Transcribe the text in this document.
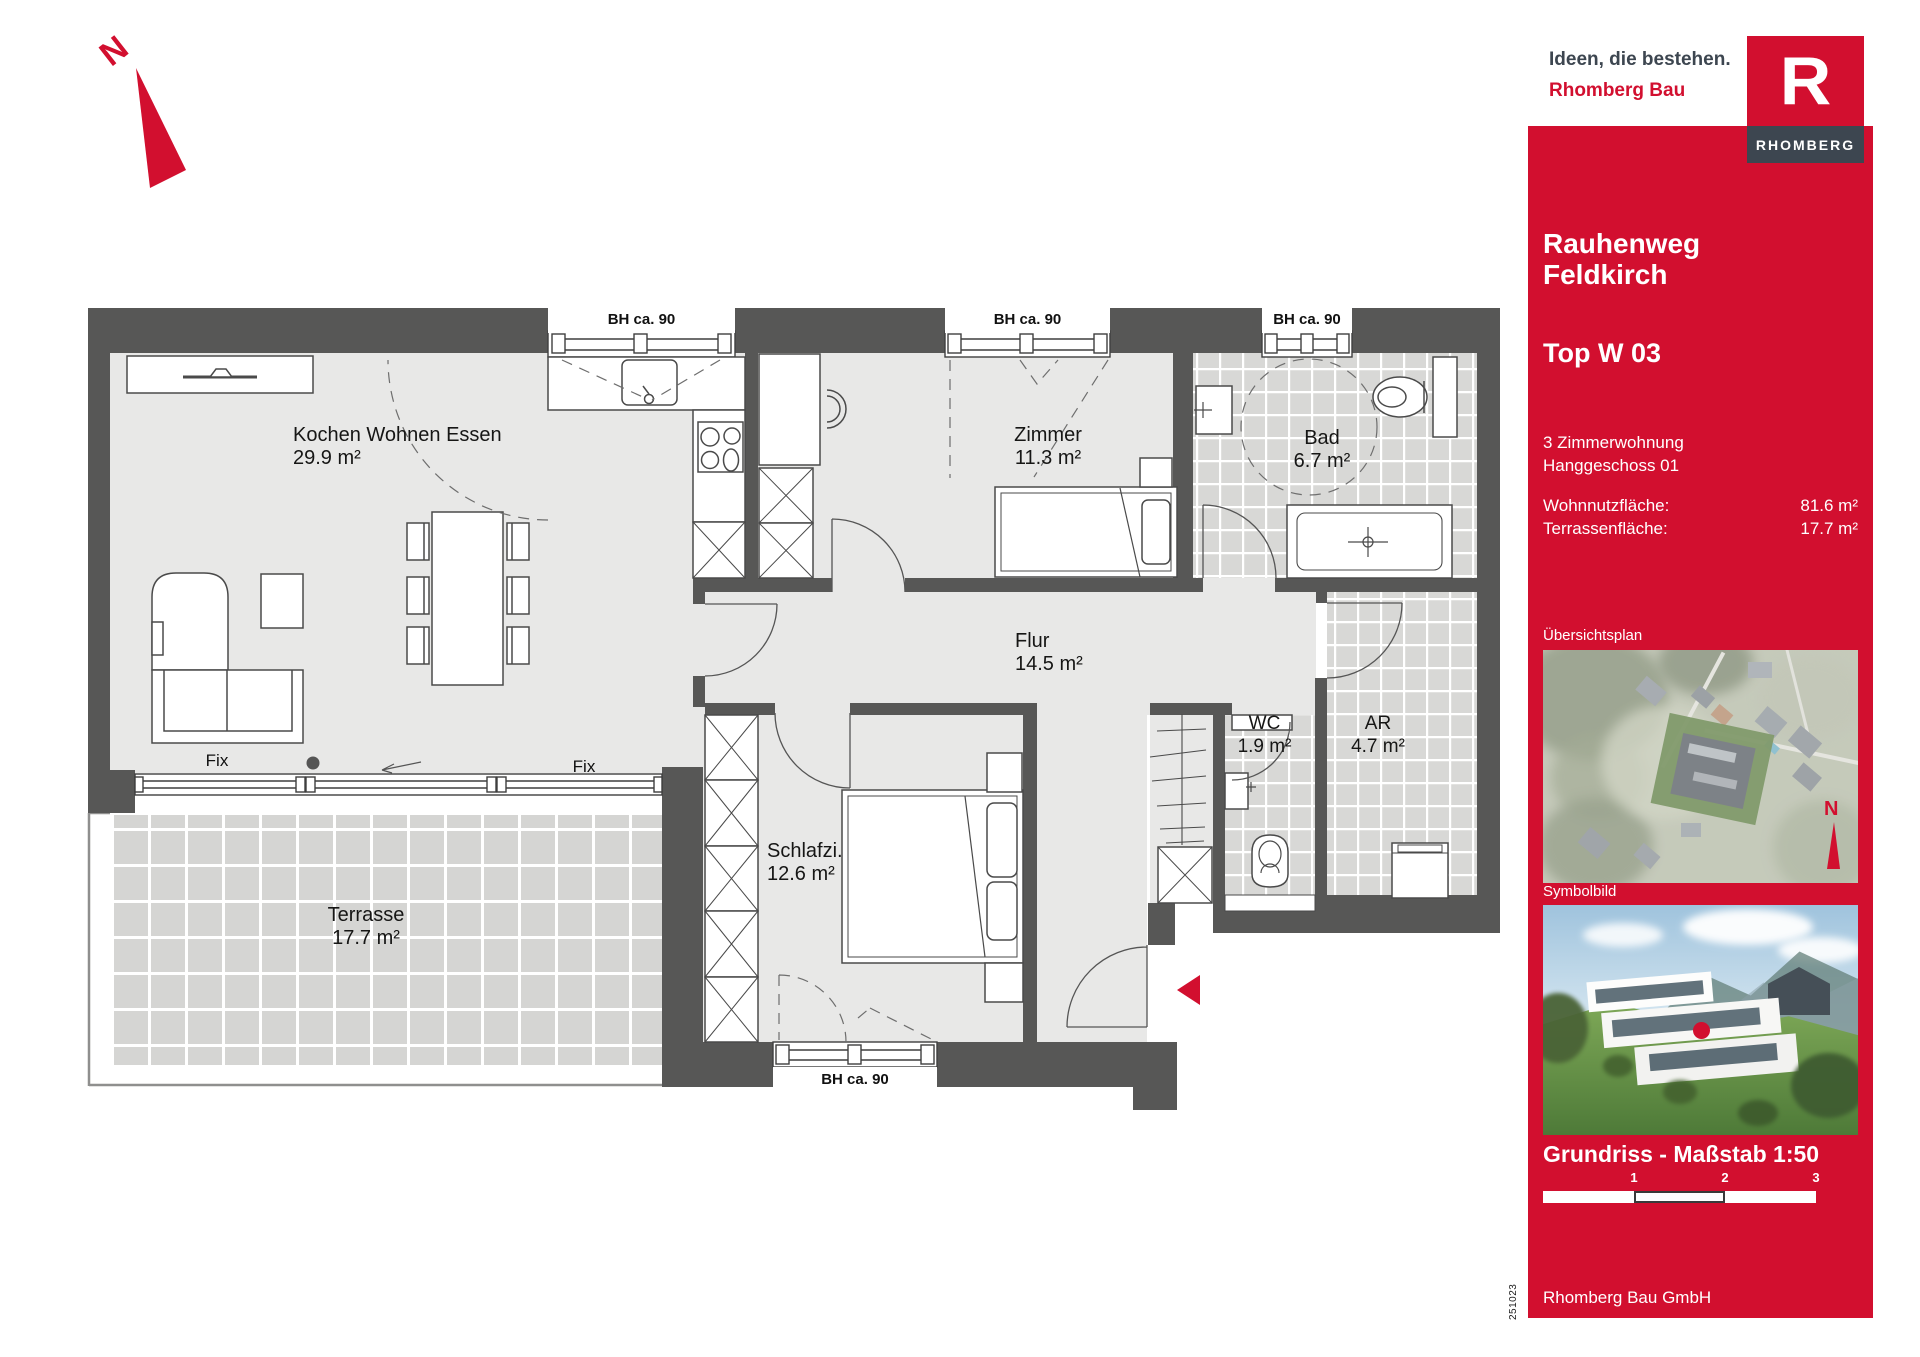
N
Kochen Wohnen Essen
29.9 m²
Zimmer
11.3 m²
Bad
6.7 m²
Flur
14.5 m²
WC
1.9 m²
AR
4.7 m²
Schlafzi.
12.6 m²
Terrasse
17.7 m²
BH ca. 90	BH ca. 90	BH ca. 90
BH ca. 90
Fix	Fix
Ideen, die bestehen.
Rhomberg Bau R
RHOMBERG
Rauhenweg
Feldkirch
Top W 03
3 Zimmerwohnung
Hanggeschoss 01
Wohnnutzfläche:	81.6 m²
Terrassenfläche:	17.7 m²
Übersichtsplan
N
Symbolbild
Grundriss - Maßstab 1:50
1	2	3
Rhomberg Bau GmbH
251023
